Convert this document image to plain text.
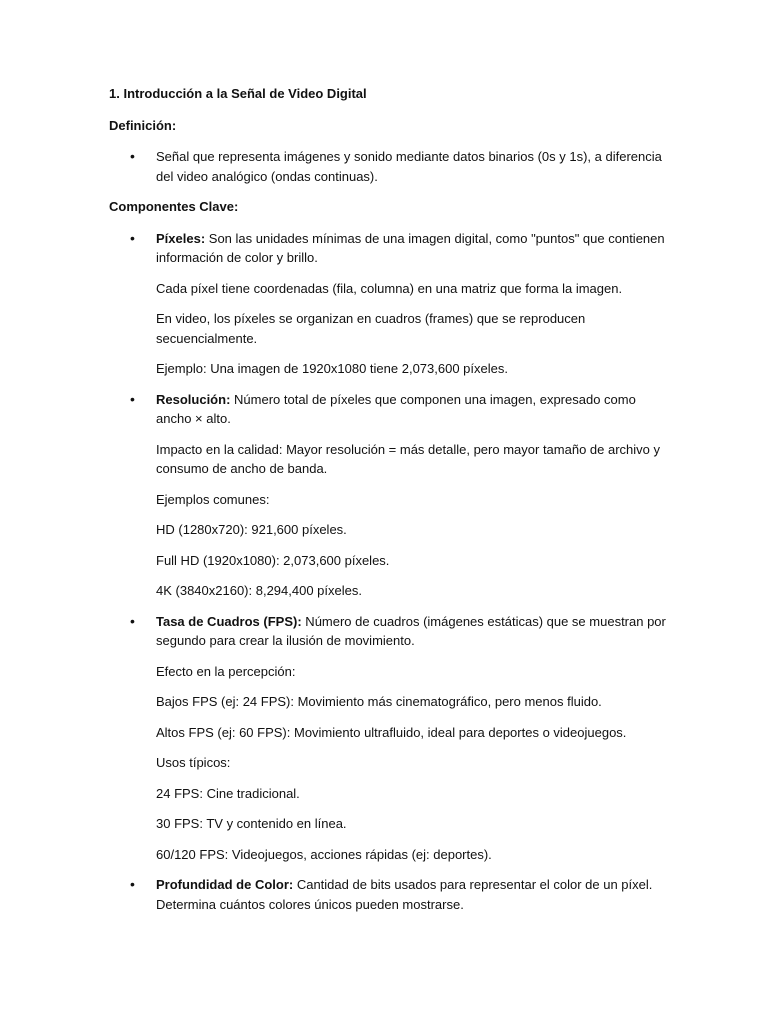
1. Introducción a la Señal de Video Digital
Definición:
• Señal que representa imágenes y sonido mediante datos binarios (0s y 1s), a diferencia del video analógico (ondas continuas).
Componentes Clave:
• Píxeles: Son las unidades mínimas de una imagen digital, como "puntos" que contienen información de color y brillo.
Cada píxel tiene coordenadas (fila, columna) en una matriz que forma la imagen.
En video, los píxeles se organizan en cuadros (frames) que se reproducen secuencialmente.
Ejemplo: Una imagen de 1920x1080 tiene 2,073,600 píxeles.
• Resolución: Número total de píxeles que componen una imagen, expresado como ancho × alto.
Impacto en la calidad: Mayor resolución = más detalle, pero mayor tamaño de archivo y consumo de ancho de banda.
Ejemplos comunes:
HD (1280x720): 921,600 píxeles.
Full HD (1920x1080): 2,073,600 píxeles.
4K (3840x2160): 8,294,400 píxeles.
• Tasa de Cuadros (FPS): Número de cuadros (imágenes estáticas) que se muestran por segundo para crear la ilusión de movimiento.
Efecto en la percepción:
Bajos FPS (ej: 24 FPS): Movimiento más cinematográfico, pero menos fluido.
Altos FPS (ej: 60 FPS): Movimiento ultrafluido, ideal para deportes o videojuegos.
Usos típicos:
24 FPS: Cine tradicional.
30 FPS: TV y contenido en línea.
60/120 FPS: Videojuegos, acciones rápidas (ej: deportes).
• Profundidad de Color: Cantidad de bits usados para representar el color de un píxel. Determina cuántos colores únicos pueden mostrarse.
